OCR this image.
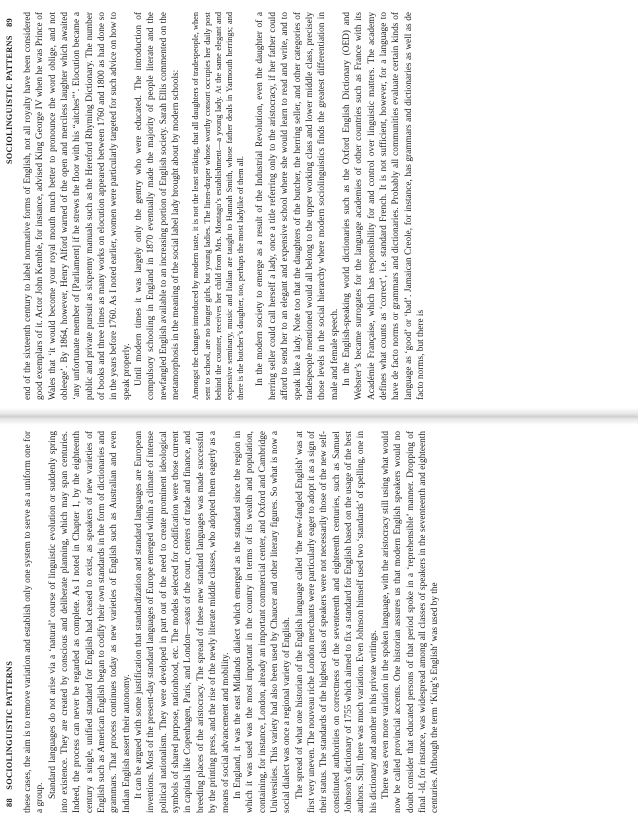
88 SOCIOLINGUISTIC PATTERNS these cases, the aim is to remove variation and establish only one system to serve as a uniform one for a group. Standard languages do not arise via a ‘natural’ course of linguistic evolution or suddenly spring into existence. They are created by conscious and deliberate planning, which may span centuries. Indeed, the process can never be regarded as complete. As I noted in Chapter 1, by the eighteenth century a single, unified standard for English had ceased to exist, as speakers of new varieties of English such as American English began to codify their own standards in the form of dictionaries and grammars. That process continues today as new varieties of English such as Australian and even Indian English assert their autonomy. It can be argued with some justification that standardization and standard languages are European inventions. Most of the present-day standard languages of Europe emerged within a climate of intense political nationalism. They were developed in part out of the need to create prominent ideological symbols of shared purpose, nationhood, etc. The models selected for codification were those current in capitals like Copenhagen, Paris, and London—seats of the court, centers of trade and finance, and breeding places of the aristocracy. The spread of these new standard languages was made successful by the printing press, and the rise of the newly literate middle classes, who adopted them eagerly as a means of social advancement and mobility. In England, it was the east Midlands dialect which emerged as the standard since the region in which it was used was the most important in the country in terms of its wealth and population, containing, for instance, London, already an important commercial center, and Oxford and Cambridge Universities. This variety had also been used by Chaucer and other literary figures. So what is now a social dialect was once a regional variety of English. The spread of what one historian of the English language called ‘the new-fangled English’ was at first very uneven. The nouveau riche London merchants were particularly eager to adopt it as a sign of their status. The standards of the highest class of speakers were not necessarily those of the new self-constituted authorities on correctness of the seventeenth and eighteenth centuries, such as Samuel Johnson’s dictionary of 1755 which aimed to fix a standard for English based on the usage of the best authors. Still, there was much variation. Even Johnson himself used two ‘standards’ of spelling, one in his dictionary and another in his private writings. There was even more variation in the spoken language, with the aristocracy still using what would now be called provincial accents. One historian assures us that modern English speakers would no doubt consider that educated persons of that period spoke in a ‘reprehensible’ manner. Dropping of final -ld, for instance, was widespread among all classes of speakers in the seventeenth and eighteenth centuries. Although the term ‘King’s English’ was used by the

SOCIOLINGUISTIC PATTERNS 89 end of the sixteenth century to label normative forms of English, not all royalty have been considered good exemplars of it. Actor John Kemble, for instance, advised King George IV when he was Prince of Wales that ‘it would become your royal mouth much better to pronounce the word oblige, and not obleege’. By 1864, however, Henry Alford warned of the open and merciless laughter which awaited ‘any unfortunate member of [Parliament] if he strews the floor with his “aitches”’. Elocution became a public and private pursuit as sixpenny manuals such as the Hereford Rhyming Dictionary. The number of books and three times as many works on elocution appeared between 1760 and 1800 as had done so in the years before 1760. As I noted earlier, women were particularly targeted for such advice on how to speak properly. Until modern times it was largely only the gentry who were educated. The introduction of compulsory schooling in England in 1870 eventually made the majority of people literate and the newfangled English available to an increasing portion of English society. Sarah Ellis commented on the metamorphosis in the meaning of the social label lady brought about by modern schools: Amongst the changes introduced by modern taste, it is not the least striking, that all daughters of tradespeople, when sent to school, are no longer girls, but young ladies. The linen-draper whose worthy consort occupies her daily post behind the counter, receives her child from Mrs. Montagu’s establishment—a young lady. At the same elegant and expensive seminary, music and Italian are taught to Hannah Smith, whose father deals in Yarmouth herrings; and there is the butcher’s daughter, too, perhaps the most ladylike of them all. In the modern society to emerge as a result of the Industrial Revolution, even the daughter of a herring seller could call herself a lady, once a title referring only to the aristocracy, if her father could afford to send her to an elegant and expensive school where she would learn to read and write, and to speak like a lady. Note too that the daughters of the butcher, the herring seller, and other categories of tradespeople mentioned would all belong to the upper working class and lower middle class, precisely those levels in the social hierarchy where modern sociolinguistics finds the greatest differentiation in male and female speech. In the English-speaking world dictionaries such as the Oxford English Dictionary (OED) and Webster’s became surrogates for the language academies of other countries such as France with its Académie Française, which has responsibility for and control over linguistic matters. The academy defines what counts as ‘correct’, i.e. standard French. It is not sufficient, however, for a language to have de facto norms or grammars and dictionaries. Probably all communities evaluate certain kinds of language as ‘good’ or ‘bad’. Jamaican Creole, for instance, has grammars and dictionaries as well as de facto norms, but there is
